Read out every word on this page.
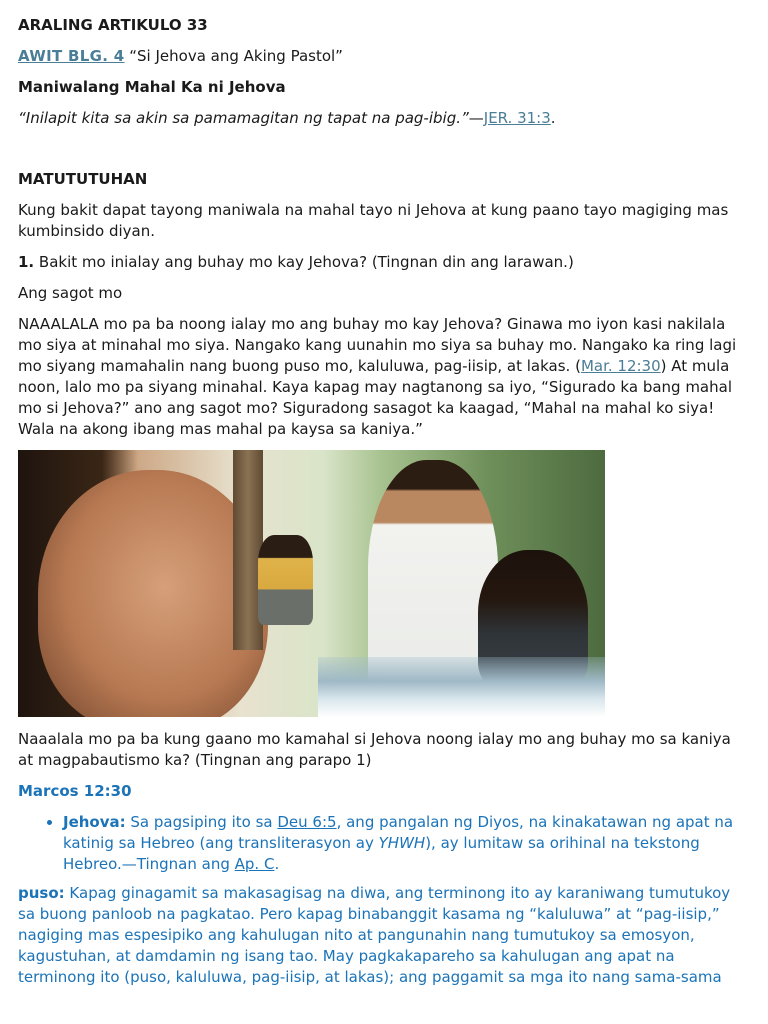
ARALING ARTIKULO 33

AWIT BLG. 4 “Si Jehova ang Aking Pastol”

Maniwalang Mahal Ka ni Jehova

“Inilapit kita sa akin sa pamamagitan ng tapat na pag-ibig.”—JER. 31:3.

MATUTUTUHAN

Kung bakit dapat tayong maniwala na mahal tayo ni Jehova at kung paano tayo magiging mas kumbinsido diyan.

1. Bakit mo inialay ang buhay mo kay Jehova? (Tingnan din ang larawan.)

Ang sagot mo

NAAALALA mo pa ba noong ialay mo ang buhay mo kay Jehova? Ginawa mo iyon kasi nakilala mo siya at minahal mo siya. Nangako kang uunahin mo siya sa buhay mo. Nangako ka ring lagi mo siyang mamahalin nang buong puso mo, kaluluwa, pag-iisip, at lakas. (Mar. 12:30) At mula noon, lalo mo pa siyang minahal. Kaya kapag may nagtanong sa iyo, “Sigurado ka bang mahal mo si Jehova?” ano ang sagot mo? Siguradong sasagot ka kaagad, “Mahal na mahal ko siya! Wala na akong ibang mas mahal pa kaysa sa kaniya.”

Naaalala mo pa ba kung gaano mo kamahal si Jehova noong ialay mo ang buhay mo sa kaniya at magpabautismo ka? (Tingnan ang parapo 1)

Marcos 12:30

• Jehova: Sa pagsiping ito sa Deu 6:5, ang pangalan ng Diyos, na kinakatawan ng apat na katinig sa Hebreo (ang transliterasyon ay YHWH), ay lumitaw sa orihinal na tekstong Hebreo.—Tingnan ang Ap. C.

puso: Kapag ginagamit sa makasagisag na diwa, ang terminong ito ay karaniwang tumutukoy sa buong panloob na pagkatao. Pero kapag binabanggit kasama ng “kaluluwa” at “pag-iisip,” nagiging mas espesipiko ang kahulugan nito at pangunahin nang tumutukoy sa emosyon, kagustuhan, at damdamin ng isang tao. May pagkakapareho sa kahulugan ang apat na terminong ito (puso, kaluluwa, pag-iisip, at lakas); ang paggamit sa mga ito nang sama-sama
